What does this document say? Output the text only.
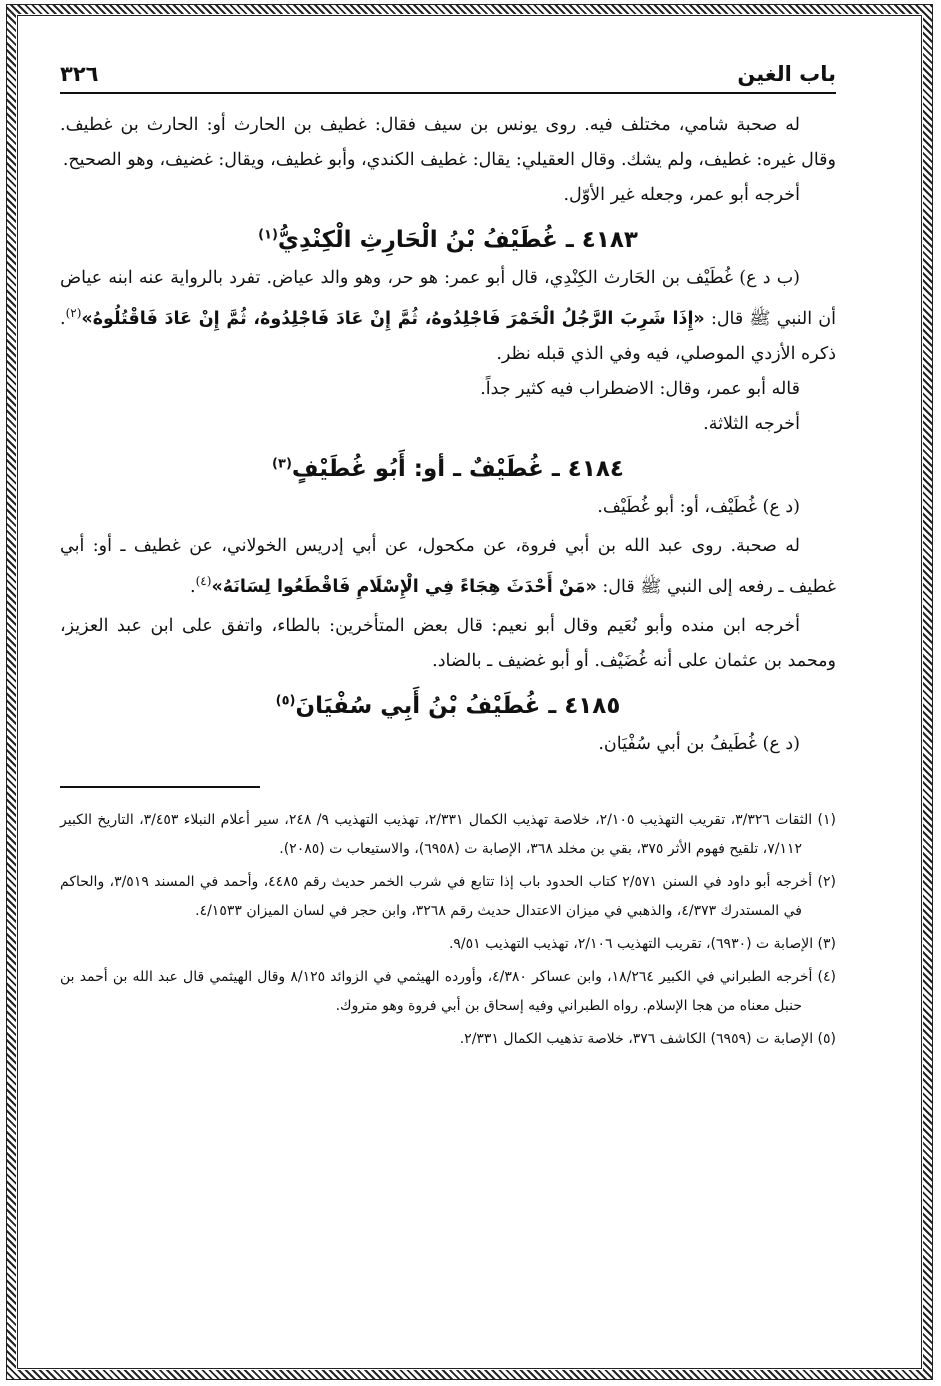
باب الغين
٣٢٦

له صحبة شامي، مختلف فيه. روى يونس بن سيف فقال: غطيف بن الحارث أو: الحارث بن غطيف. وقال غيره: غطيف، ولم يشك. وقال العقيلي: يقال: غطيف الكندي، وأبو غطيف، ويقال: غضيف، وهو الصحيح.

أخرجه أبو عمر، وجعله غير الأوّل.

٤١٨٣ ـ غُطَيْفُ بْنُ الْحَارِثِ الْكِنْدِيُّ$^{(١)}$

(ب د ع) غُطَيْف بن الحَارث الكِنْدِي، قال أبو عمر: هو حر، وهو والد عياض. تفرد بالرواية عنه ابنه عياض أن النبي ﷺ قال: «إِذَا شَرِبَ الرَّجُلُ الْخَمْرَ فَاجْلِدُوهُ، ثُمَّ إِنْ عَادَ فَاجْلِدُوهُ، ثُمَّ إِنْ عَادَ فَاقْتُلُوهُ»$^{(٢)}$. ذكره الأزدي الموصلي، فيه وفي الذي قبله نظر.

قاله أبو عمر، وقال: الاضطراب فيه كثير جداً.

أخرجه الثلاثة.

٤١٨٤ ـ غُطَيْفٌ ـ أو: أَبُو غُطَيْفٍ$^{(٣)}$

(د ع) غُطَيْف، أو: أبو غُطَيْف.

له صحبة. روى عبد الله بن أبي فروة، عن مكحول، عن أبي إدريس الخولاني، عن غطيف ـ أو: أبي غطيف ـ رفعه إلى النبي ﷺ قال: «مَنْ أَحْدَثَ هِجَاءً فِي الْإِسْلَامِ فَاقْطَعُوا لِسَانَهُ»$^{(٤)}$.

أخرجه ابن منده وأبو نُعَيم وقال أبو نعيم: قال بعض المتأخرين: بالطاء، واتفق على ابن عبد العزيز، ومحمد بن عثمان على أنه غُضَيْف. أو أبو غضيف ـ بالضاد.

٤١٨٥ ـ غُطَيْفُ بْنُ أَبِي سُفْيَانَ$^{(٥)}$

(د ع) غُطَيفُ بن أبي سُفْيَان.

(١) الثقات ٣/٣٢٦، تقريب التهذيب ٢/١٠٥، خلاصة تهذيب الكمال ٢/٣٣١، تهذيب التهذيب ٩/ ٢٤٨، سير أعلام النبلاء ٣/٤٥٣، التاريخ الكبير ٧/١١٢، تلقيح فهوم الأثر ٣٧٥، بقي بن مخلد ٣٦٨، الإصابة ت (٦٩٥٨)، والاستيعاب ت (٢٠٨٥).

(٢) أخرجه أبو داود في السنن ٢/٥٧١ كتاب الحدود باب إذا تتابع في شرب الخمر حديث رقم ٤٤٨٥، وأحمد في المسند ٣/٥١٩، والحاكم في المستدرك ٤/٣٧٣، والذهبي في ميزان الاعتدال حديث رقم ٣٢٦٨، وابن حجر في لسان الميزان ٤/١٥٣٣.

(٣) الإصابة ت (٦٩٣٠)، تقريب التهذيب ٢/١٠٦، تهذيب التهذيب ٩/٥١.

(٤) أخرجه الطبراني في الكبير ١٨/٢٦٤، وابن عساكر ٤/٣٨٠، وأورده الهيثمي في الزوائد ٨/١٢٥ وقال الهيثمي قال عبد الله بن أحمد بن حنبل معناه من هجا الإسلام. رواه الطبراني وفيه إسحاق بن أبي فروة وهو متروك.

(٥) الإصابة ت (٦٩٥٩) الكاشف ٣٧٦، خلاصة تذهيب الكمال ٢/٣٣١.
